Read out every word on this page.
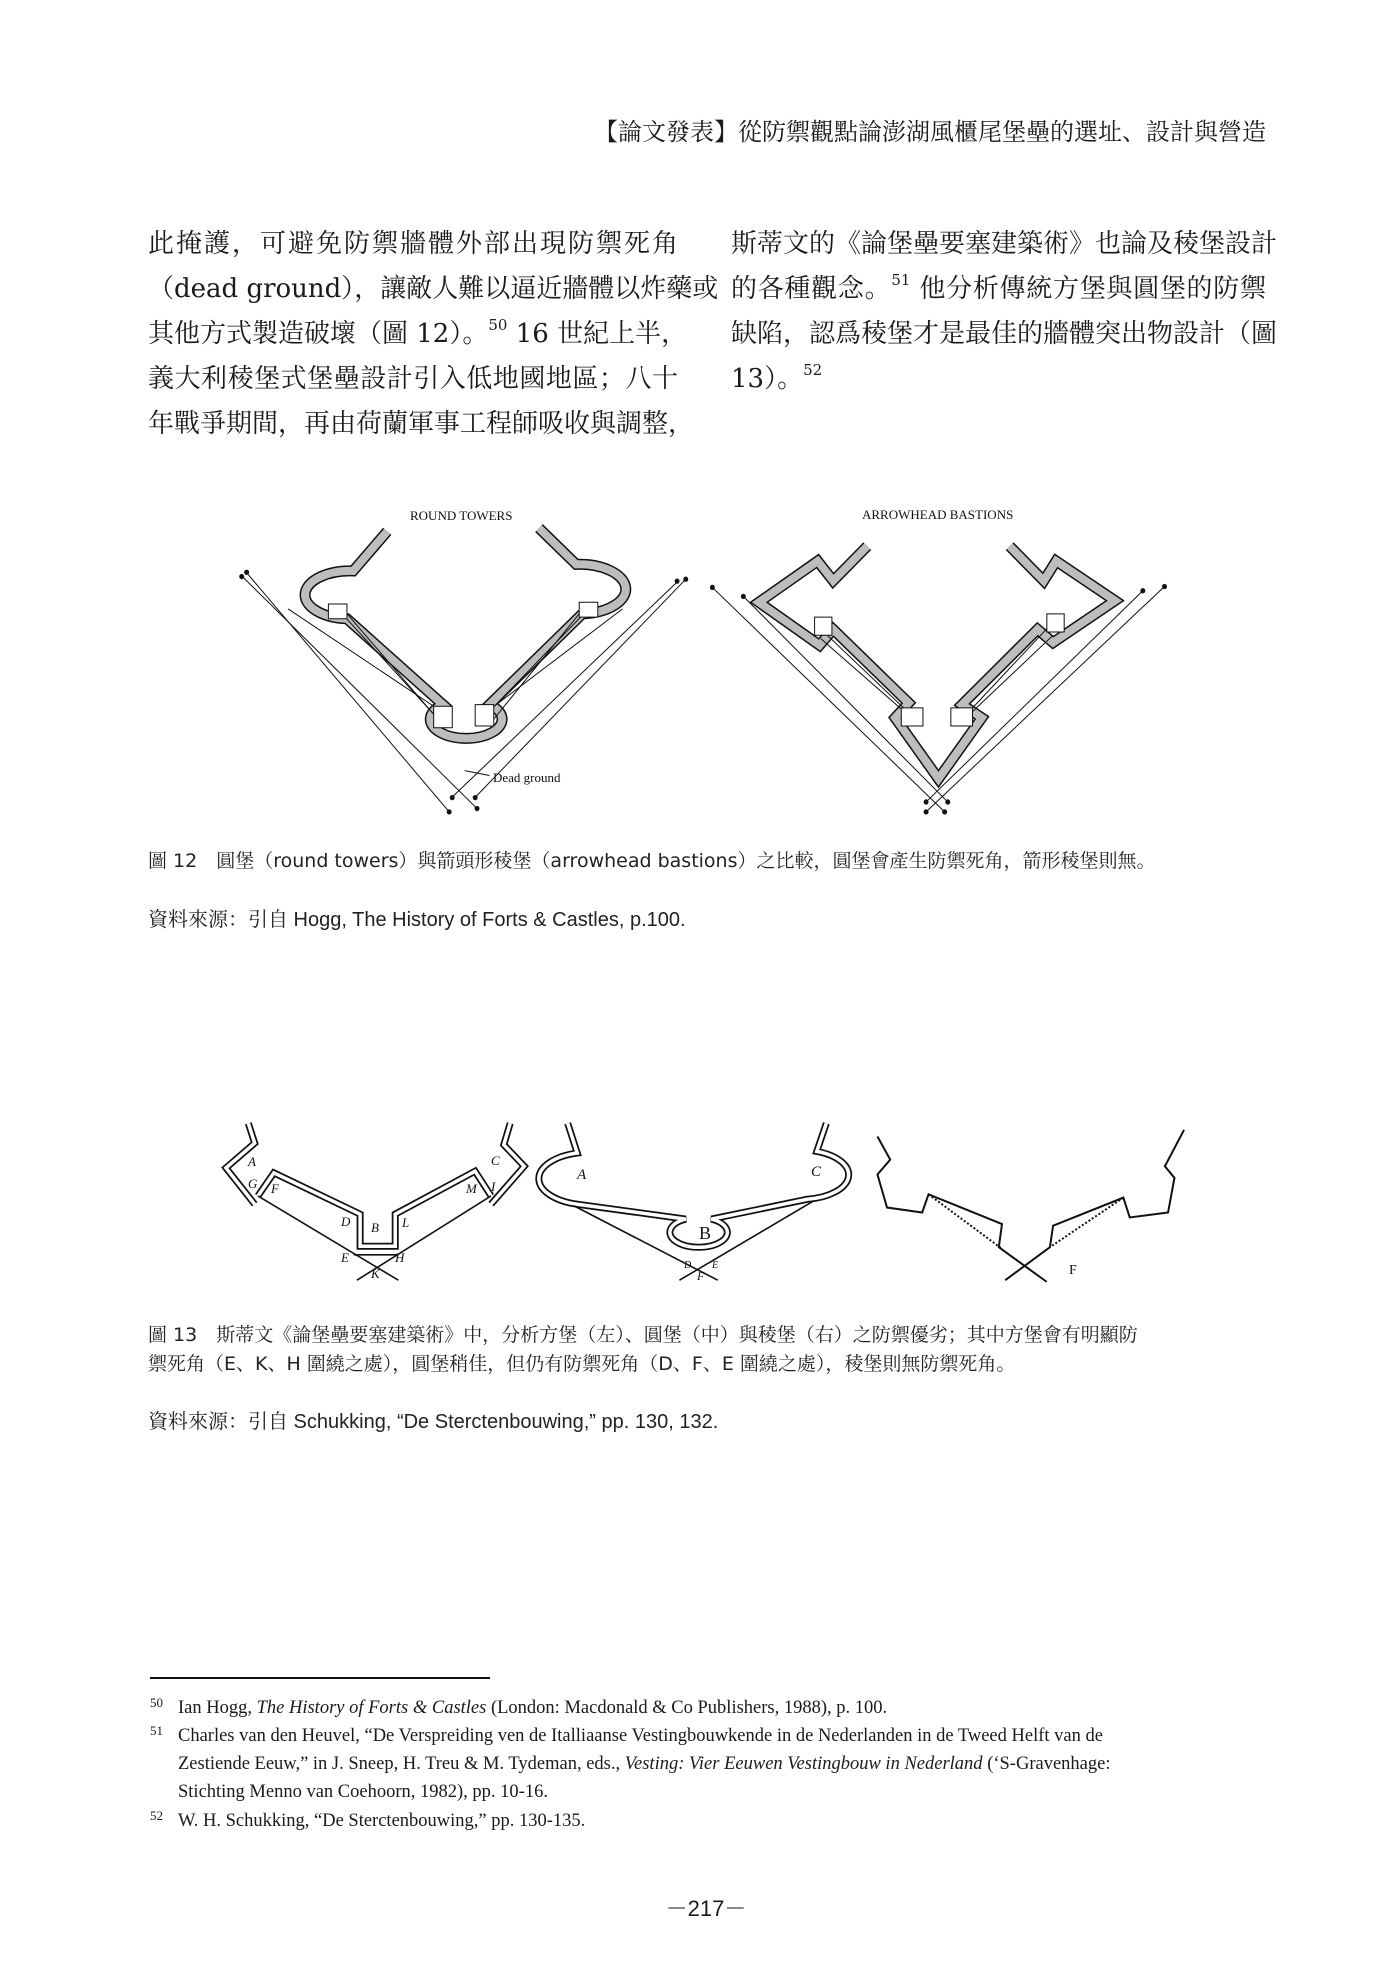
【論文發表】從防禦觀點論澎湖風櫃尾堡壘的選址、設計與營造
此掩護，可避免防禦牆體外部出現防禦死角
（dead ground），讓敵人難以逼近牆體以炸藥或
其他方式製造破壞（圖 12）。$^{50}$ 16 世紀上半，
義大利稜堡式堡壘設計引入低地國地區；八十
年戰爭期間，再由荷蘭軍事工程師吸收與調整，
斯蒂文的《論堡壘要塞建築術》也論及稜堡設計
的各種觀念。$^{51}$ 他分析傳統方堡與圓堡的防禦
缺陷，認爲稜堡才是最佳的牆體突出物設計（圖
13）。$^{52}$
ROUND TOWERS	ARROWHEAD BASTIONS
Dead ground
圖 12　圓堡（round towers）與箭頭形稜堡（arrowhead bastions）之比較，圓堡會產生防禦死角，箭形稜堡則無。
資料來源：引自 Hogg, The History of Forts & Castles, p.100.
A
G F
D B L
M I
C
E	H
K
A
B
C
D E
F	F
圖 13　斯蒂文《論堡壘要塞建築術》中，分析方堡（左）、圓堡（中）與稜堡（右）之防禦優劣；其中方堡會有明顯防
禦死角（E、K、H 圍繞之處），圓堡稍佳，但仍有防禦死角（D、F、E 圍繞之處），稜堡則無防禦死角。
資料來源：引自 Schukking, “De Sterctenbouwing,” pp. 130, 132.
50 Ian Hogg, The History of Forts & Castles (London: Macdonald & Co Publishers, 1988), p. 100.
51 Charles van den Heuvel, “De Verspreiding ven de Italliaanse Vestingbouwkende in de Nederlanden in de Tweed Helft van de
Zestiende Eeuw,” in J. Sneep, H. Treu & M. Tydeman, eds., Vesting: Vier Eeuwen Vestingbouw in Nederland (‘S-Gravenhage:
Stichting Menno van Coehoorn, 1982), pp. 10-16.
52 W. H. Schukking, “De Sterctenbouwing,” pp. 130-135.
－217－
